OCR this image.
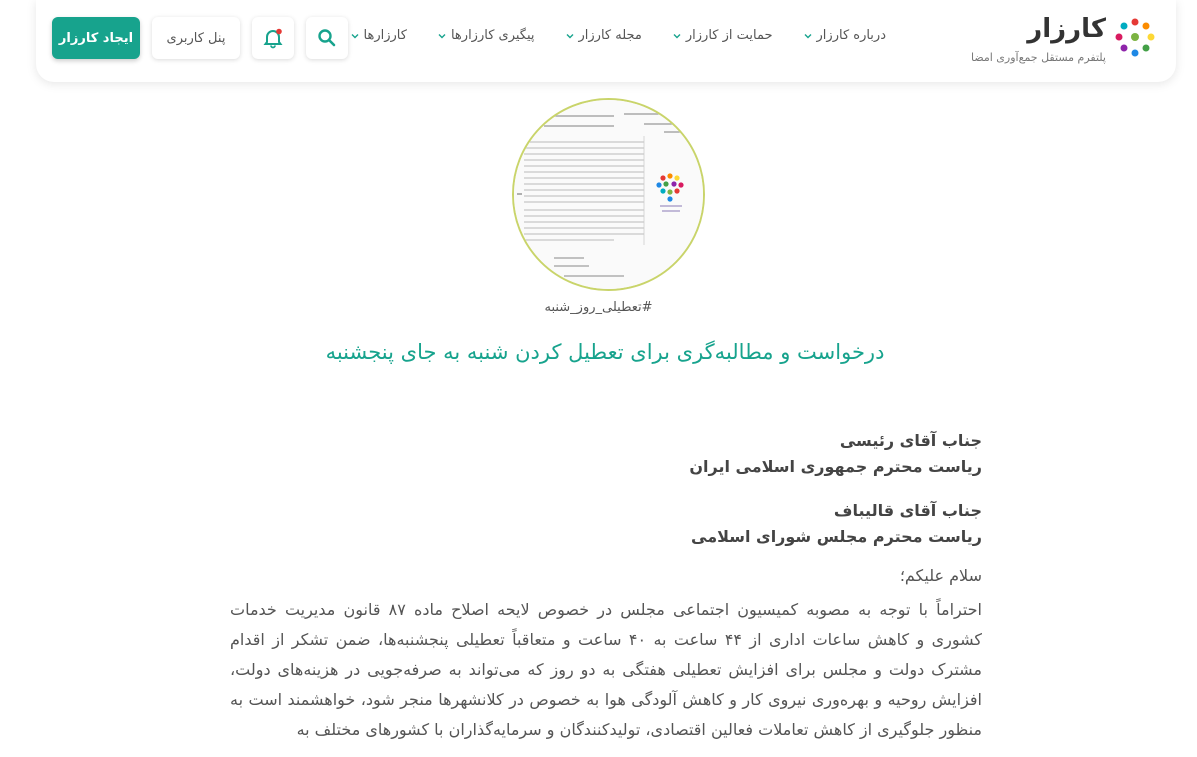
کارزار
پلتفرم مستقل جمع‌آوری امضا
کارزارها	پیگیری کارزارها	مجله کارزار	حمایت از کارزار	درباره کارزار
پنل کاربری
ایجاد کارزار
#تعطیلی_روز_شنبه
درخواست و مطالبه‌گری برای تعطیل کردن شنبه به جای پنجشنبه
جناب آقای رئیسی
ریاست محترم جمهوری اسلامی ایران
جناب آقای قالیباف
ریاست محترم مجلس شورای اسلامی
سلام علیکم؛
احتراماً با توجه به مصوبه کمیسیون اجتماعی مجلس در خصوص لایحه اصلاح ماده ۸۷ قانون مدیریت خدمات کشوری و کاهش ساعات اداری از ۴۴ ساعت به ۴۰ ساعت و متعاقباً تعطیلی پنجشنبه‌ها، ضمن تشکر از اقدام مشترک دولت و مجلس برای افزایش تعطیلی هفتگی به دو روز که می‌تواند به صرفه‌جویی در هزینه‌های دولت، افزایش روحیه و بهره‌وری نیروی کار و کاهش آلودگی هوا به خصوص در کلانشهرها منجر شود، خواهشمند است به منظور جلوگیری از کاهش تعاملات فعالین اقتصادی، تولیدکنندگان و سرمایه‌گذاران با کشورهای مختلف به
